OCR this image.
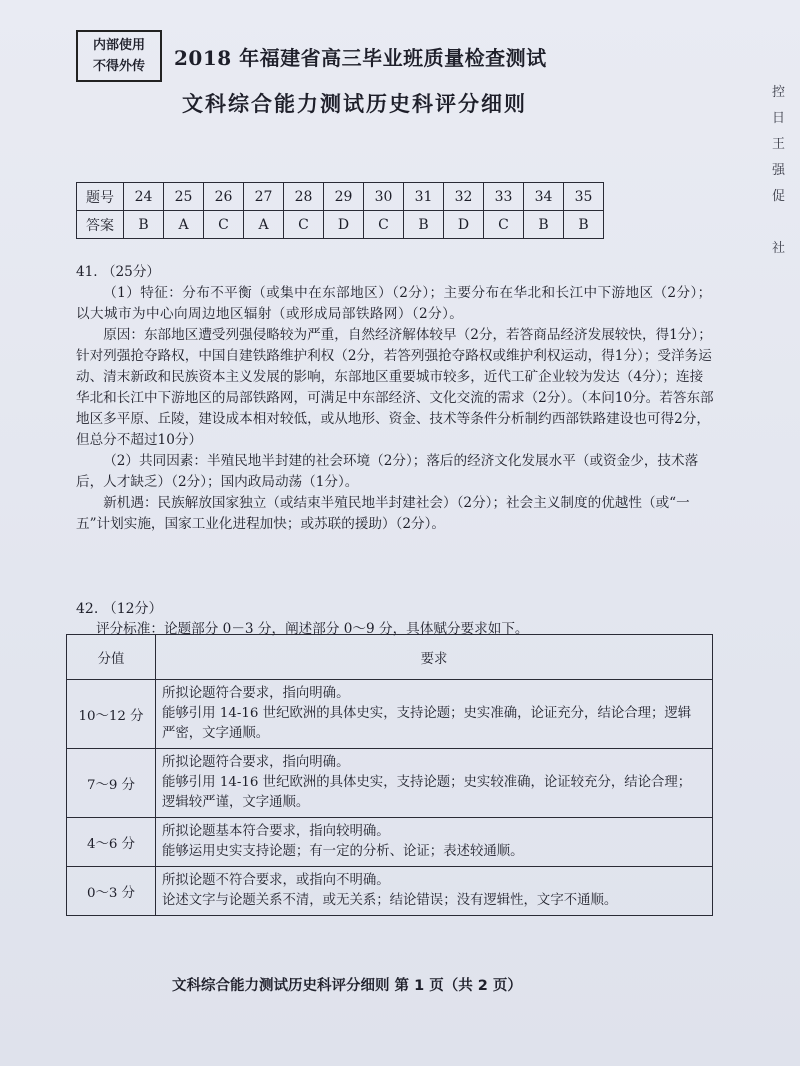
内部使用
不得外传	2018 年福建省高三毕业班质量检查测试
文科综合能力测试历史科评分细则	控
日
王
强
促
社
题号	24	25	26	27	28	29	30	31	32	33	34	35
答案	B	A	C	A	C	D	C	B	D	C	B	B

41. （25分）

（1）特征：分布不平衡（或集中在东部地区）（2分）；主要分布在华北和长江中下游地区（2分）；以大城市为中心向周边地区辐射（或形成局部铁路网）（2分）。

原因：东部地区遭受列强侵略较为严重，自然经济解体较早（2分，若答商品经济发展较快，得1分）；针对列强抢夺路权，中国自建铁路维护利权（2分，若答列强抢夺路权或维护利权运动，得1分）；受洋务运动、清末新政和民族资本主义发展的影响，东部地区重要城市较多，近代工矿企业较为发达（4分）；连接华北和长江中下游地区的局部铁路网，可满足中东部经济、文化交流的需求（2分）。（本问10分。若答东部地区多平原、丘陵，建设成本相对较低，或从地形、资金、技术等条件分析制约西部铁路建设也可得2分，但总分不超过10分）

（2）共同因素：半殖民地半封建的社会环境（2分）；落后的经济文化发展水平（或资金少，技术落后，人才缺乏）（2分）；国内政局动荡（1分）。

新机遇：民族解放国家独立（或结束半殖民地半封建社会）（2分）；社会主义制度的优越性（或“一五”计划实施，国家工业化进程加快；或苏联的援助）（2分）。

42. （12分）
评分标准：论题部分 0－3 分，阐述部分 0～9 分，具体赋分要求如下。
分值	要求
10～12 分	所拟论题符合要求，指向明确。
能够引用 14-16 世纪欧洲的具体史实，支持论题；史实准确，论证充分，结论合理；逻辑严密，文字通顺。

7～9 分	所拟论题符合要求，指向明确。
能够引用 14-16 世纪欧洲的具体史实，支持论题；史实较准确，论证较充分，结论合理；逻辑较严谨，文字通顺。

4～6 分	所拟论题基本符合要求，指向较明确。
能够运用史实支持论题；有一定的分析、论证；表述较通顺。

0～3 分	所拟论题不符合要求，或指向不明确。
论述文字与论题关系不清，或无关系；结论错误；没有逻辑性，文字不通顺。
文科综合能力测试历史科评分细则 第 1 页（共 2 页）
